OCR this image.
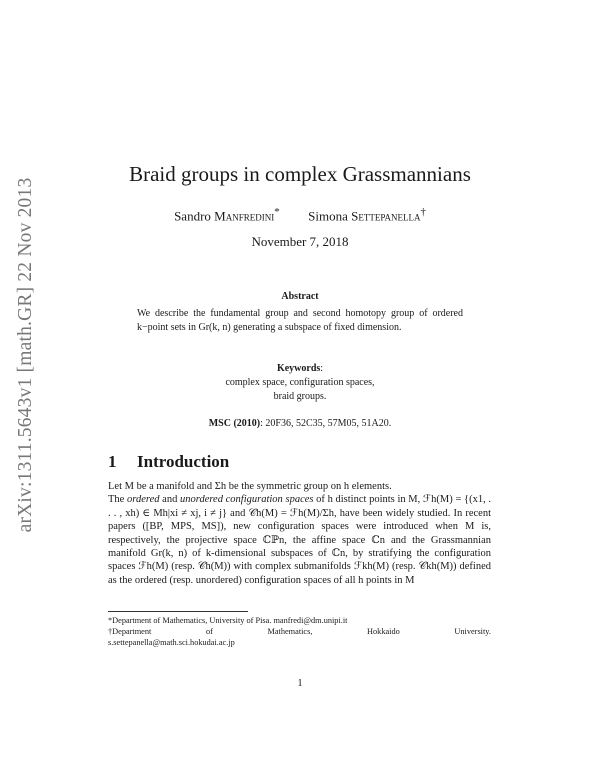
arXiv:1311.5643v1 [math.GR] 22 Nov 2013
Braid groups in complex Grassmannians
Sandro Manfredini* Simona Settepanella†
November 7, 2018
Abstract
We describe the fundamental group and second homotopy group of ordered k−point sets in Gr(k, n) generating a subspace of fixed dimension.
Keywords:
complex space, configuration spaces,
braid groups.
MSC (2010): 20F36, 52C35, 57M05, 51A20.
1 Introduction

Let M be a manifold and Σh be the symmetric group on h elements.

The ordered and unordered configuration spaces of h distinct points in M, ℱh(M) = {(x1, . . . , xh) ∈ Mh|xi ≠ xj, i ≠ j} and 𝒞h(M) = ℱh(M)/Σh, have been widely studied. In recent papers ([BP, MPS, MS]), new configuration spaces were introduced when M is, respectively, the projective space ℂℙn, the affine space ℂn and the Grassmannian manifold Gr(k, n) of k-dimensional subspaces of ℂn, by stratifying the configuration spaces ℱh(M) (resp. 𝒞h(M)) with complex submanifolds ℱkh(M) (resp. 𝒞kh(M)) defined as the ordered (resp. unordered) configuration spaces of all h points in M

*Department of Mathematics, University of Pisa. manfredi@dm.unipi.it

†Department	of	Mathematics,	Hokkaido	University.

s.settepanella@math.sci.hokudai.ac.jp

1
